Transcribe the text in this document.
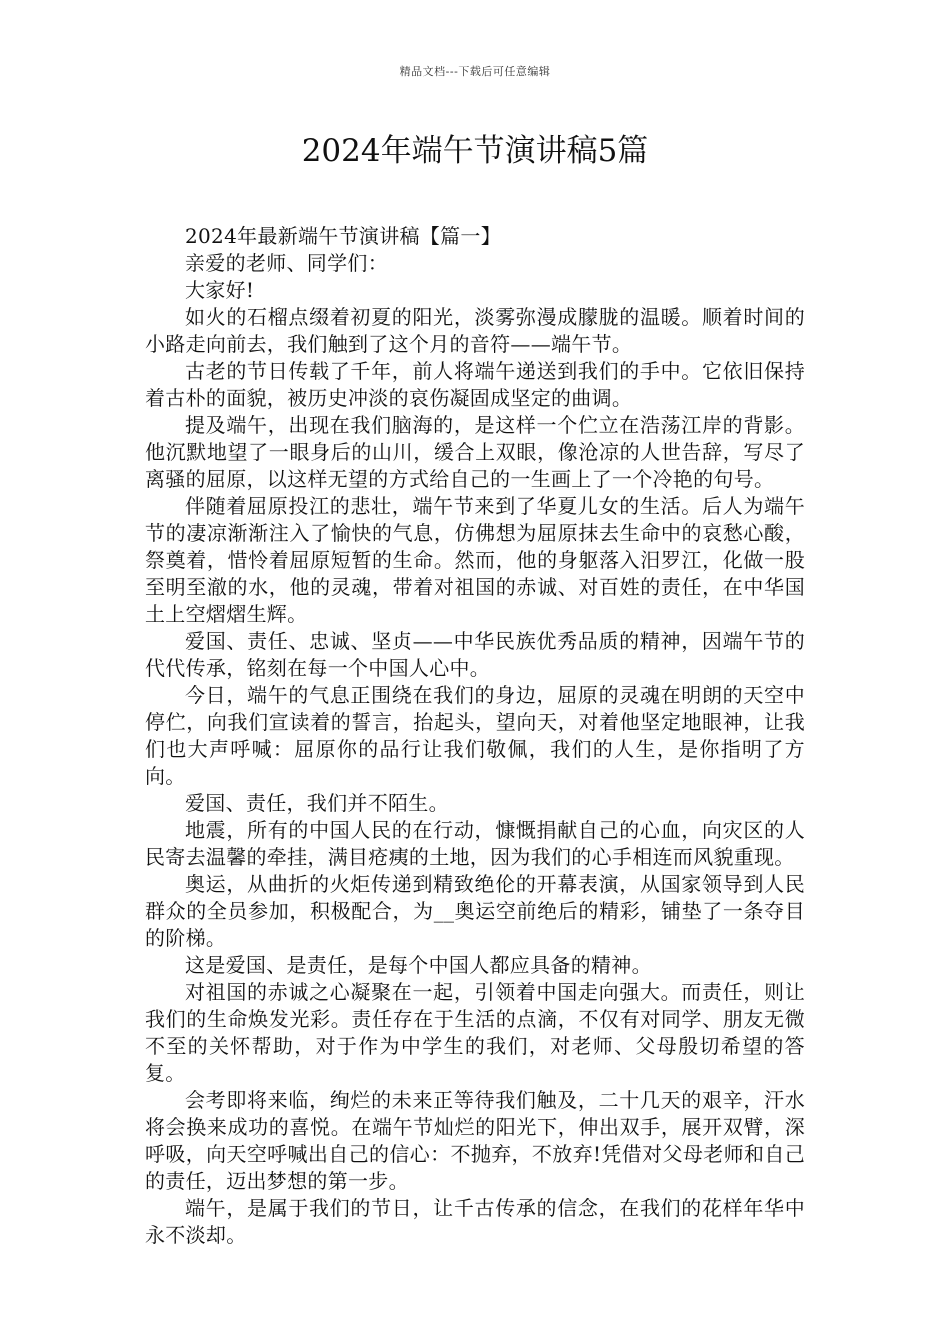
精品文档---下载后可任意编辑
2024年端午节演讲稿5篇

2024年最新端午节演讲稿【篇一】

亲爱的老师、同学们：

大家好!

如火的石榴点缀着初夏的阳光，淡雾弥漫成朦胧的温暖。顺着时间的小路走向前去，我们触到了这个月的音符——端午节。

古老的节日传载了千年，前人将端午递送到我们的手中。它依旧保持着古朴的面貌，被历史冲淡的哀伤凝固成坚定的曲调。

提及端午，出现在我们脑海的，是这样一个伫立在浩荡江岸的背影。他沉默地望了一眼身后的山川，缓合上双眼，像沧凉的人世告辞，写尽了离骚的屈原，以这样无望的方式给自己的一生画上了一个冷艳的句号。

伴随着屈原投江的悲壮，端午节来到了华夏儿女的生活。后人为端午节的凄凉渐渐注入了愉快的气息，仿佛想为屈原抹去生命中的哀愁心酸，祭奠着，惜怜着屈原短暂的生命。然而，他的身躯落入汨罗江，化做一股至明至澈的水，他的灵魂，带着对祖国的赤诚、对百姓的责任，在中华国土上空熠熠生辉。

爱国、责任、忠诚、坚贞——中华民族优秀品质的精神，因端午节的代代传承，铭刻在每一个中国人心中。

今日，端午的气息正围绕在我们的身边，屈原的灵魂在明朗的天空中停伫，向我们宣读着的誓言，抬起头，望向天，对着他坚定地眼神，让我们也大声呼喊：屈原你的品行让我们敬佩，我们的人生，是你指明了方向。

爱国、责任，我们并不陌生。

地震，所有的中国人民的在行动，慷慨捐献自己的心血，向灾区的人民寄去温馨的牵挂，满目疮痍的土地，因为我们的心手相连而风貌重现。

奥运，从曲折的火炬传递到精致绝伦的开幕表演，从国家领导到人民群众的全员参加，积极配合，为__奥运空前绝后的精彩，铺垫了一条夺目的阶梯。

这是爱国、是责任，是每个中国人都应具备的精神。

对祖国的赤诚之心凝聚在一起，引领着中国走向强大。而责任，则让我们的生命焕发光彩。责任存在于生活的点滴，不仅有对同学、朋友无微不至的关怀帮助，对于作为中学生的我们，对老师、父母殷切希望的答复。

会考即将来临，绚烂的未来正等待我们触及，二十几天的艰辛，汗水将会换来成功的喜悦。在端午节灿烂的阳光下，伸出双手，展开双臂，深呼吸，向天空呼喊出自己的信心：不抛弃，不放弃!凭借对父母老师和自己的责任，迈出梦想的第一步。

端午，是属于我们的节日，让千古传承的信念，在我们的花样年华中永不淡却。
